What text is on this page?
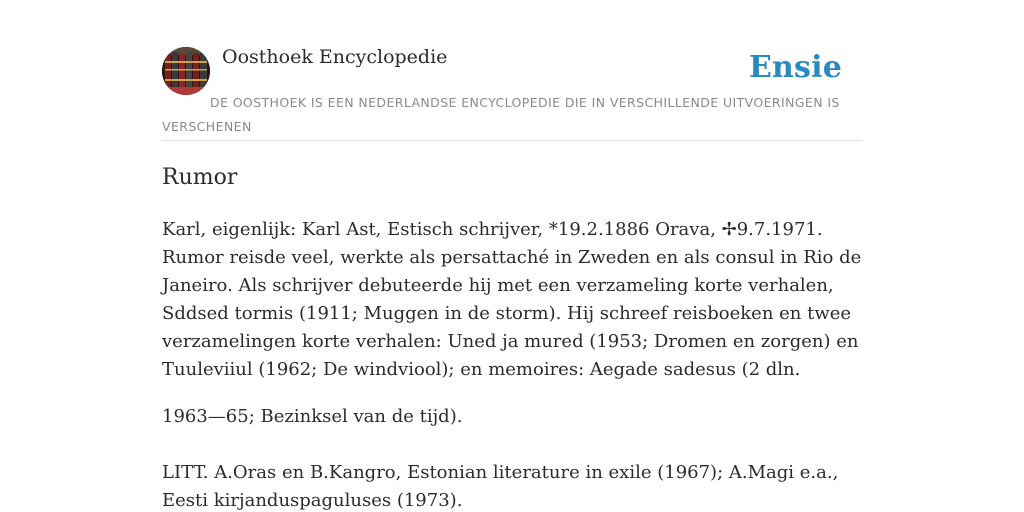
Oosthoek Encyclopedie	Ensie
DE OOSTHOEK IS EEN NEDERLANDSE ENCYCLOPEDIE DIE IN VERSCHILLENDE UITVOERINGEN IS VERSCHENEN
Rumor

Karl, eigenlijk: Karl Ast, Estisch schrijver, *19.2.1886 Orava, ✢9.7.1971. Rumor reisde veel, werkte als persattaché in Zweden en als consul in Rio de Janeiro. Als schrijver debuteerde hij met een verzameling korte verhalen, Sddsed tormis (1911; Muggen in de storm). Hij schreef reisboeken en twee verzamelingen korte verhalen: Uned ja mured (1953; Dromen en zorgen) en Tuuleviiul (1962; De windviool); en memoires: Aegade sadesus (2 dln.

1963—65; Bezinksel van de tijd).

LITT. A.Oras en B.Kangro, Estonian literature in exile (1967); A.Magi e.a., Eesti kirjanduspaguluses (1973).
